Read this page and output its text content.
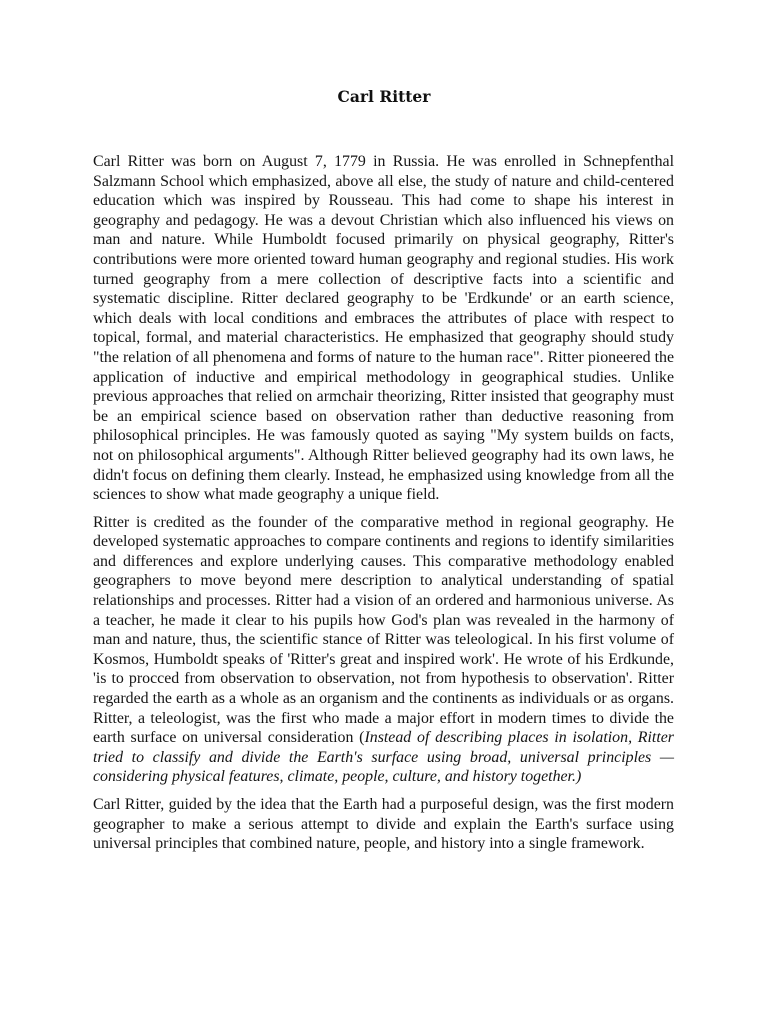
Carl Ritter

Carl Ritter was born on August 7, 1779 in Russia. He was enrolled in Schnepfenthal Salzmann School which emphasized, above all else, the study of nature and child-centered education which was inspired by Rousseau. This had come to shape his interest in geography and pedagogy. He was a devout Christian which also influenced his views on man and nature. While Humboldt focused primarily on physical geography, Ritter's contributions were more oriented toward human geography and regional studies. His work turned geography from a mere collection of descriptive facts into a scientific and systematic discipline. Ritter declared geography to be 'Erdkunde' or an earth science, which deals with local conditions and embraces the attributes of place with respect to topical, formal, and material characteristics. He emphasized that geography should study "the relation of all phenomena and forms of nature to the human race". Ritter pioneered the application of inductive and empirical methodology in geographical studies. Unlike previous approaches that relied on armchair theorizing, Ritter insisted that geography must be an empirical science based on observation rather than deductive reasoning from philosophical principles. He was famously quoted as saying "My system builds on facts, not on philosophical arguments". Although Ritter believed geography had its own laws, he didn't focus on defining them clearly. Instead, he emphasized using knowledge from all the sciences to show what made geography a unique field.

Ritter is credited as the founder of the comparative method in regional geography. He developed systematic approaches to compare continents and regions to identify similarities and differences and explore underlying causes. This comparative methodology enabled geographers to move beyond mere description to analytical understanding of spatial relationships and processes. Ritter had a vision of an ordered and harmonious universe. As a teacher, he made it clear to his pupils how God's plan was revealed in the harmony of man and nature, thus, the scientific stance of Ritter was teleological. In his first volume of Kosmos, Humboldt speaks of 'Ritter's great and inspired work'. He wrote of his Erdkunde, 'is to procced from observation to observation, not from hypothesis to observation'. Ritter regarded the earth as a whole as an organism and the continents as individuals or as organs. Ritter, a teleologist, was the first who made a major effort in modern times to divide the earth surface on universal consideration (Instead of describing places in isolation, Ritter tried to classify and divide the Earth's surface using broad, universal principles — considering physical features, climate, people, culture, and history together.)

Carl Ritter, guided by the idea that the Earth had a purposeful design, was the first modern geographer to make a serious attempt to divide and explain the Earth's surface using universal principles that combined nature, people, and history into a single framework.
